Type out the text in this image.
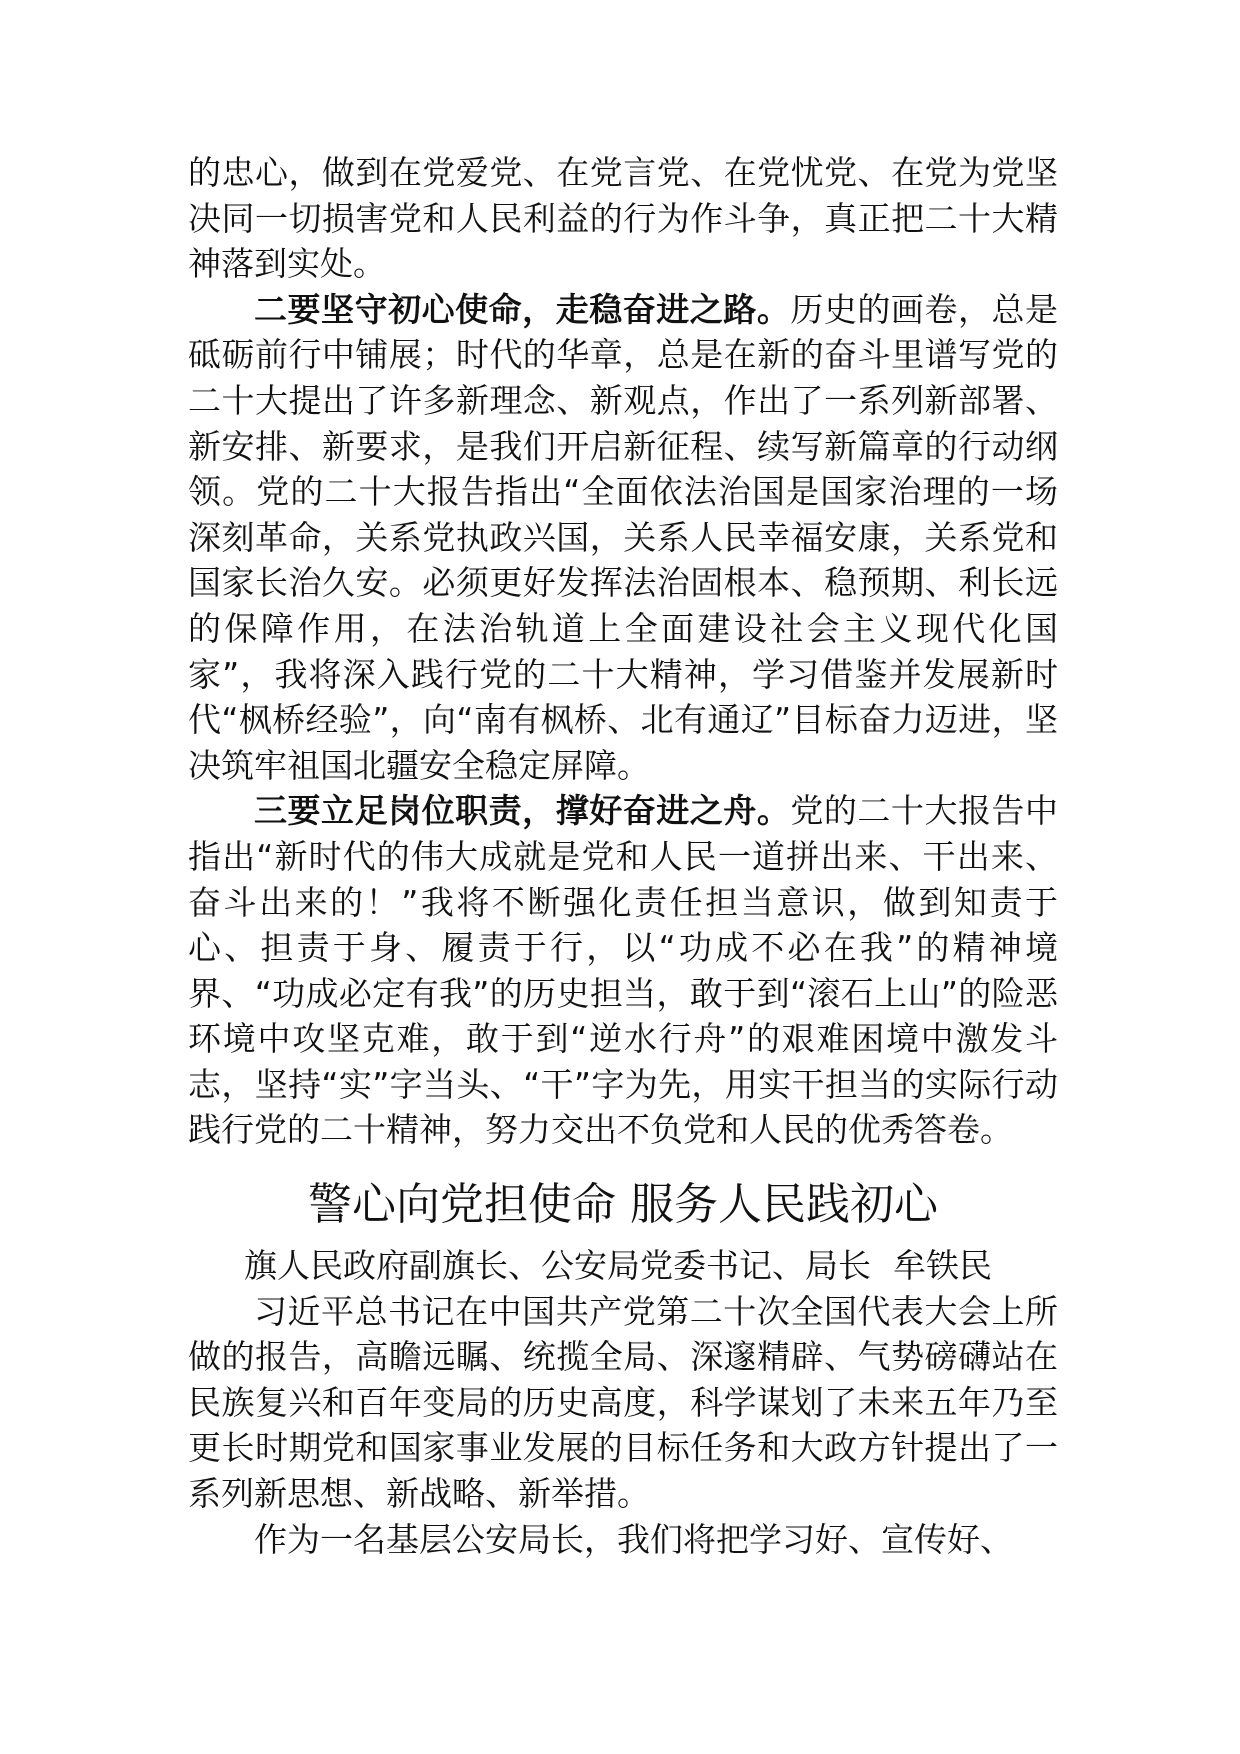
的忠心，做到在党爱党、在党言党、在党忧党、在党为党坚决同一切损害党和人民利益的行为作斗争，真正把二十大精神落到实处。

二要坚守初心使命，走稳奋进之路。历史的画卷，总是砥砺前行中铺展；时代的华章，总是在新的奋斗里谱写党的二十大提出了许多新理念、新观点，作出了一系列新部署、新安排、新要求，是我们开启新征程、续写新篇章的行动纲领。党的二十大报告指出“全面依法治国是国家治理的一场深刻革命，关系党执政兴国，关系人民幸福安康，关系党和国家长治久安。必须更好发挥法治固根本、稳预期、利长远的保障作用，在法治轨道上全面建设社会主义现代化国家”，我将深入践行党的二十大精神，学习借鉴并发展新时代“枫桥经验”，向“南有枫桥、北有通辽”目标奋力迈进，坚决筑牢祖国北疆安全稳定屏障。

三要立足岗位职责，撑好奋进之舟。党的二十大报告中指出“新时代的伟大成就是党和人民一道拼出来、干出来、奋斗出来的！”我将不断强化责任担当意识，做到知责于心、担责于身、履责于行，以“功成不必在我”的精神境界、“功成必定有我”的历史担当，敢于到“滚石上山”的险恶环境中攻坚克难，敢于到“逆水行舟”的艰难困境中激发斗志，坚持“实”字当头、“干”字为先，用实干担当的实际行动践行党的二十精神，努力交出不负党和人民的优秀答卷。

警心向党担使命 服务人民践初心

旗人民政府副旗长、公安局党委书记、局长 牟铁民

习近平总书记在中国共产党第二十次全国代表大会上所做的报告，高瞻远瞩、统揽全局、深邃精辟、气势磅礴站在民族复兴和百年变局的历史高度，科学谋划了未来五年乃至更长时期党和国家事业发展的目标任务和大政方针提出了一系列新思想、新战略、新举措。

作为一名基层公安局长，我们将把学习好、宣传好、
